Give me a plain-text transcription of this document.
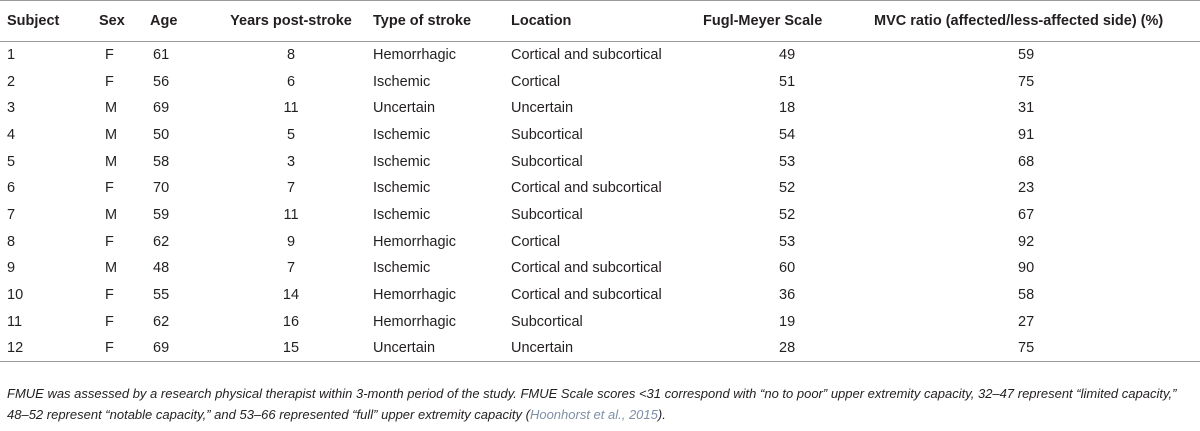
Subject	Sex	Age	Years post-stroke	Type of stroke	Location	Fugl-Meyer Scale	MVC ratio (affected/less-affected side) (%)
1	F	61	8	Hemorrhagic	Cortical and subcortical	49	59
2	F	56	6	Ischemic	Cortical	51	75
3	M	69	11	Uncertain	Uncertain	18	31
4	M	50	5	Ischemic	Subcortical	54	91
5	M	58	3	Ischemic	Subcortical	53	68
6	F	70	7	Ischemic	Cortical and subcortical	52	23
7	M	59	11	Ischemic	Subcortical	52	67
8	F	62	9	Hemorrhagic	Cortical	53	92
9	M	48	7	Ischemic	Cortical and subcortical	60	90
10	F	55	14	Hemorrhagic	Cortical and subcortical	36	58
11	F	62	16	Hemorrhagic	Subcortical	19	27
12	F	69	15	Uncertain	Uncertain	28	75
FMUE was assessed by a research physical therapist within 3-month period of the study. FMUE Scale scores <31 correspond with “no to poor” upper extremity capacity, 32–47 represent “limited capacity,” 48–52 represent “notable capacity,” and 53–66 represented “full” upper extremity capacity (Hoonhorst et al., 2015).
